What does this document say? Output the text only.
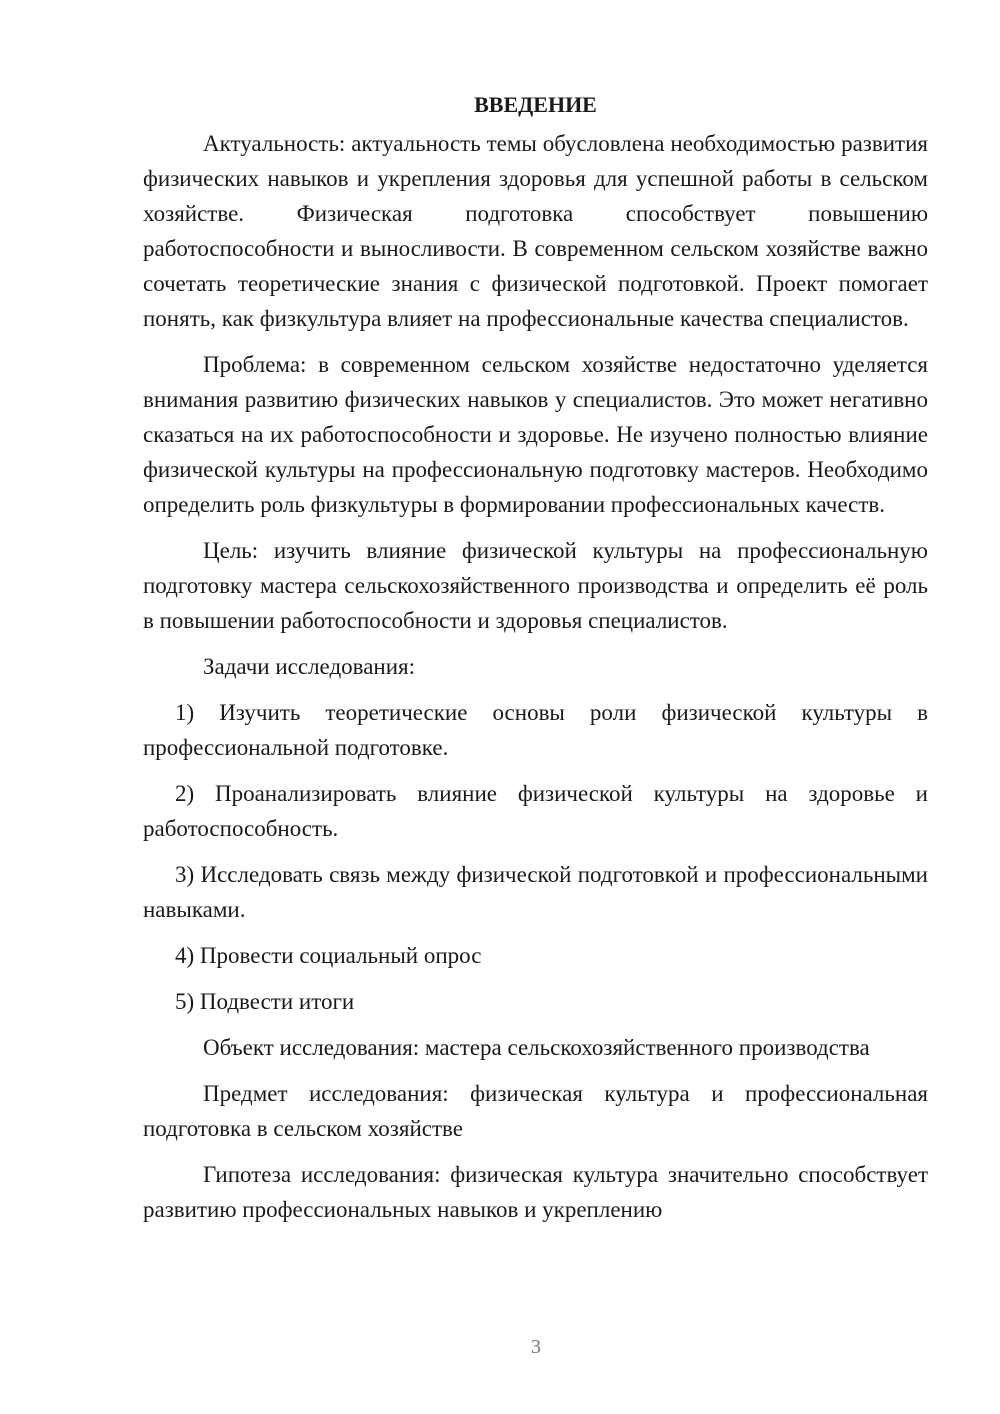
ВВЕДЕНИЕ

Актуальность: актуальность темы обусловлена необходимостью развития физических навыков и укрепления здоровья для успешной работы в сельском хозяйстве. Физическая подготовка способствует повышению работоспособности и выносливости. В современном сельском хозяйстве важно сочетать теоретические знания с физической подготовкой. Проект помогает понять, как физкультура влияет на профессиональные качества специалистов.

Проблема: в современном сельском хозяйстве недостаточно уделяется внимания развитию физических навыков у специалистов. Это может негативно сказаться на их работоспособности и здоровье. Не изучено полностью влияние физической культуры на профессиональную подготовку мастеров. Необходимо определить роль физкультуры в формировании профессиональных качеств.

Цель: изучить влияние физической культуры на профессиональную подготовку мастера сельскохозяйственного производства и определить её роль в повышении работоспособности и здоровья специалистов.

Задачи исследования:

1) Изучить теоретические основы роли физической культуры в профессиональной подготовке.

2) Проанализировать влияние физической культуры на здоровье и работоспособность.

3) Исследовать связь между физической подготовкой и профессиональными навыками.

4) Провести социальный опрос

5) Подвести итоги

Объект исследования: мастера сельскохозяйственного производства

Предмет исследования: физическая культура и профессиональная подготовка в сельском хозяйстве

Гипотеза исследования: физическая культура значительно способствует развитию профессиональных навыков и укреплению

3
